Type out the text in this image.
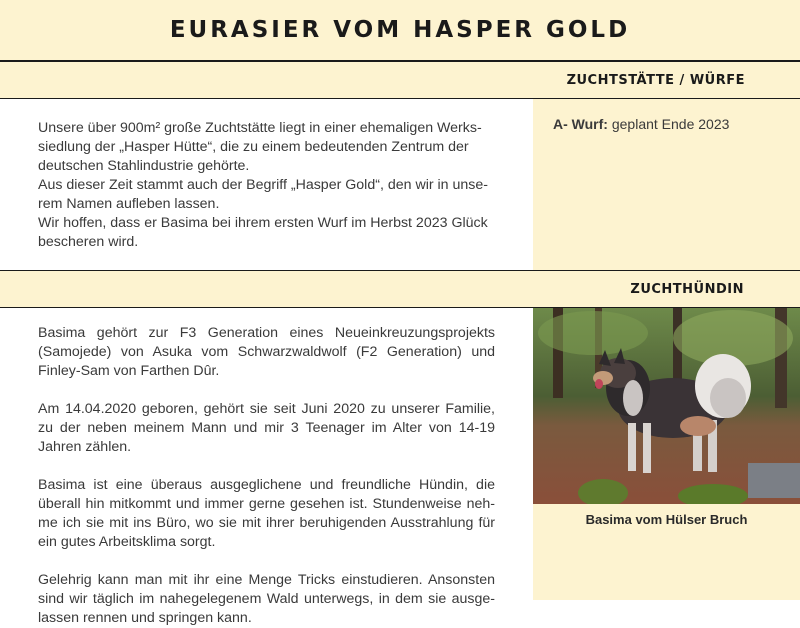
EURASIER VOM HASPER GOLD
ZUCHTSTÄTTE / WÜRFE
Unsere über 900m² große Zuchtstätte liegt in einer ehemaligen Werks-
siedlung der „Hasper Hütte“, die zu einem bedeutenden Zentrum der
deutschen Stahlindustrie gehörte.
Aus dieser Zeit stammt auch der Begriff „Hasper Gold“, den wir in unse-
rem Namen aufleben lassen.
Wir hoffen, dass er Basima bei ihrem ersten Wurf im Herbst 2023 Glück
bescheren wird.
A- Wurf: geplant Ende 2023
ZUCHTHÜNDIN

Basima gehört zur F3 Generation eines Neueinkreuzungsprojekts (Samojede) von Asuka vom Schwarzwaldwolf (F2 Generation) und Finley-Sam von Farthen Dûr.

Am 14.04.2020 geboren, gehört sie seit Juni 2020 zu unserer Familie, zu der neben meinem Mann und mir 3 Teenager im Alter von 14-19 Jahren zählen.

Basima ist eine überaus ausgeglichene und freundliche Hündin, die überall hin mitkommt und immer gerne gesehen ist. Stundenweise neh-me ich sie mit ins Büro, wo sie mit ihrer beruhigenden Ausstrahlung für ein gutes Arbeitsklima sorgt.

Gelehrig kann man mit ihr eine Menge Tricks einstudieren. Ansonsten sind wir täglich im nahegelegenem Wald unterwegs, in dem sie ausge-lassen rennen und springen kann.

Basima vom Hülser Bruch
